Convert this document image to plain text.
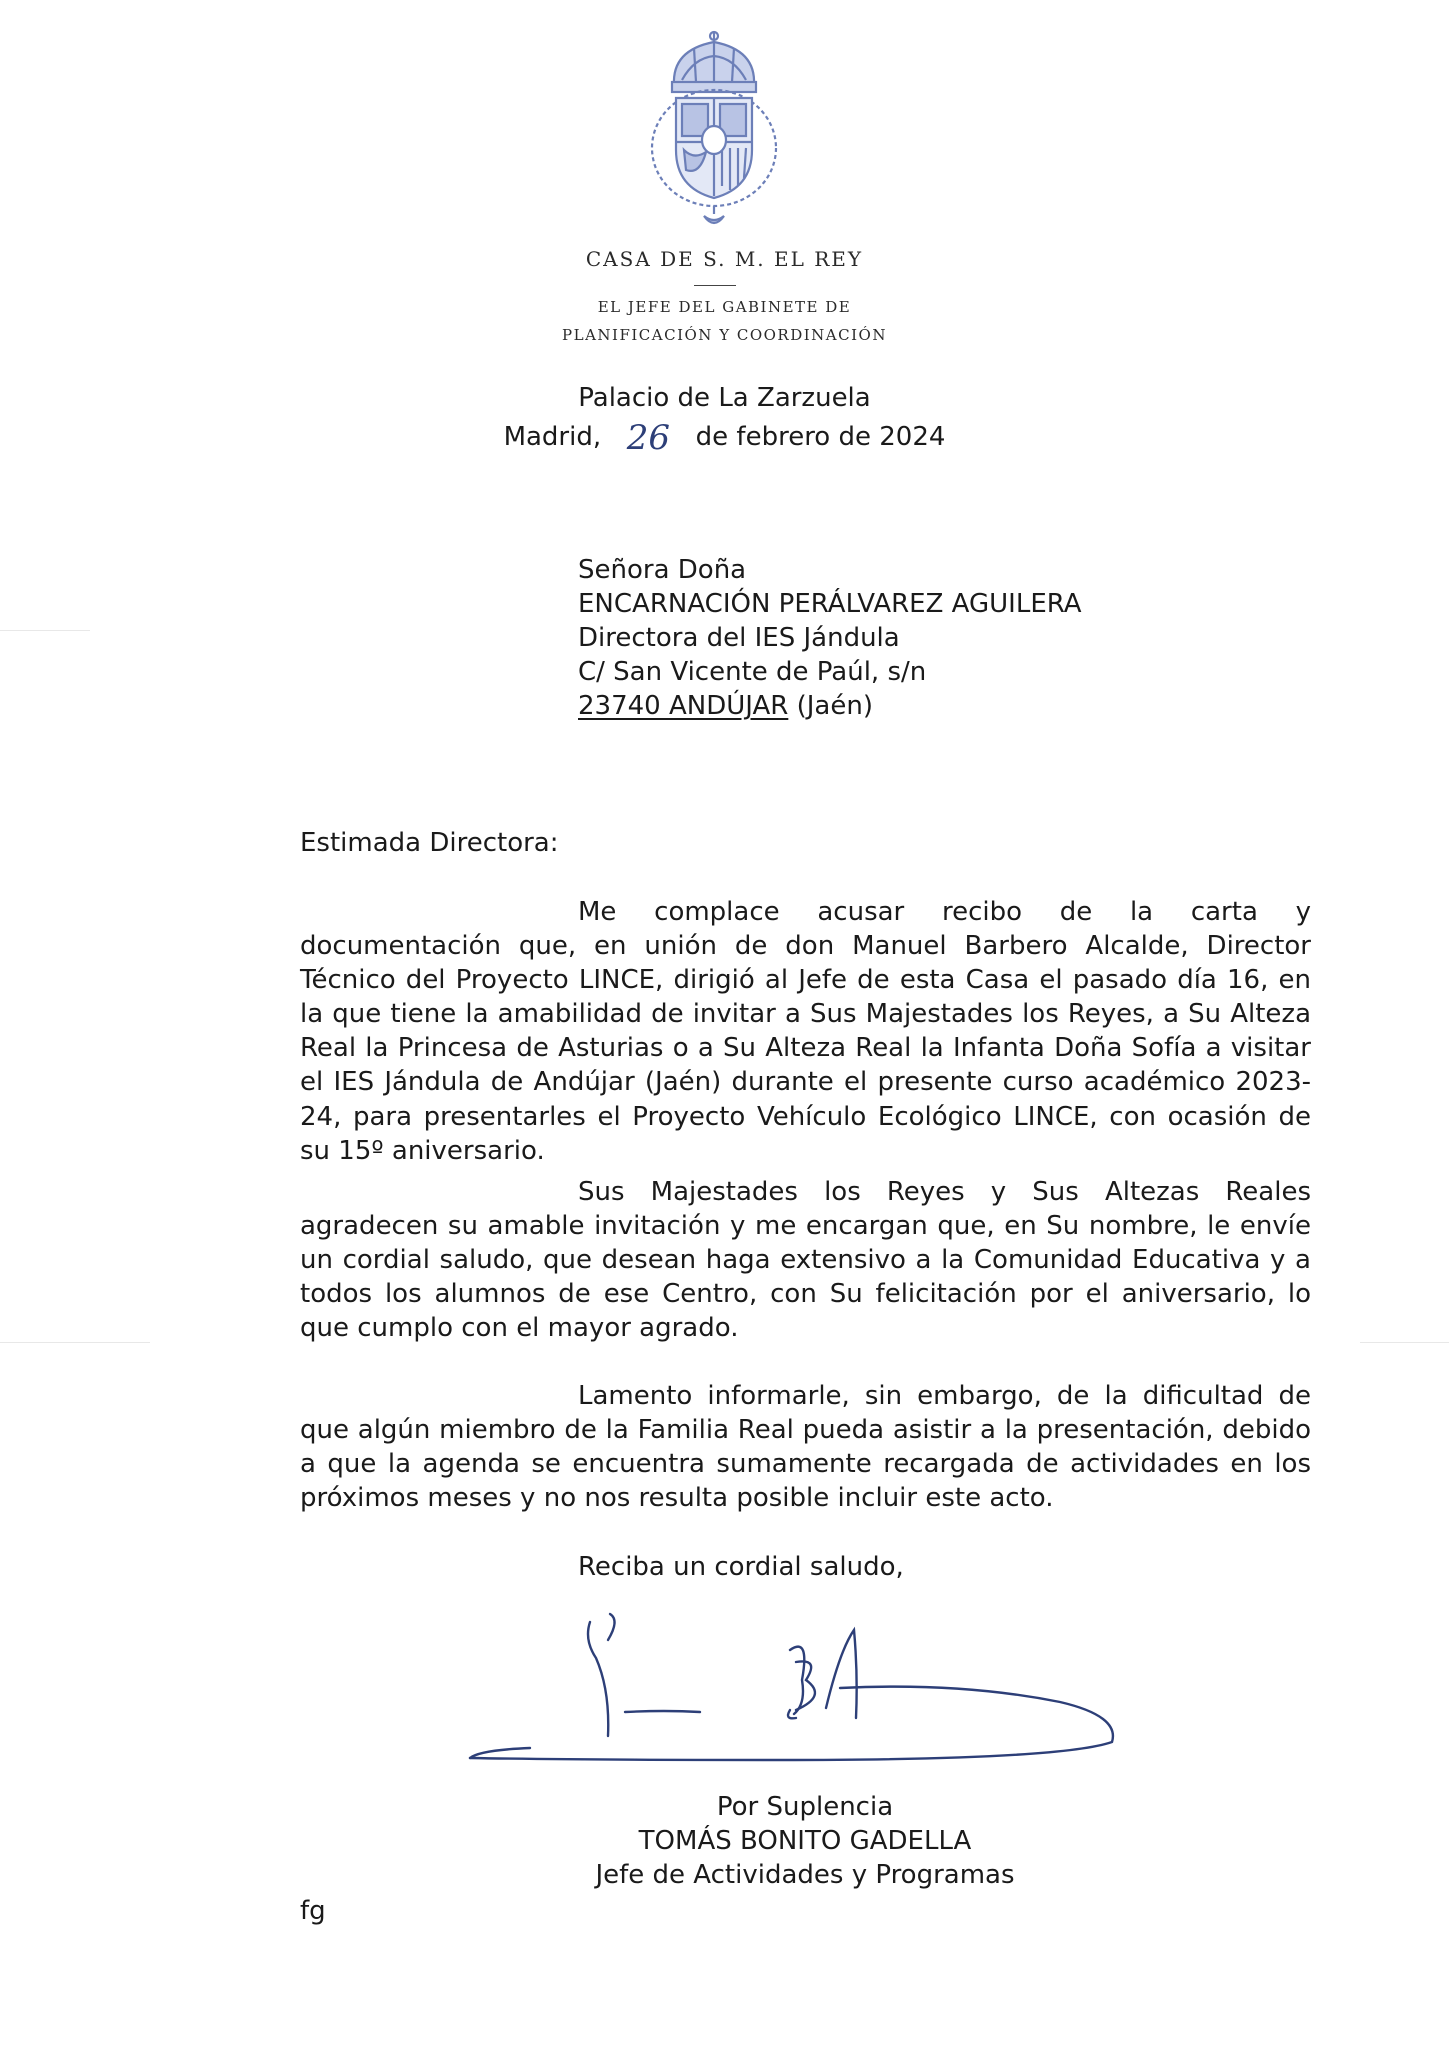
CASA DE S. M. EL REY
EL JEFE DEL GABINETE DE
PLANIFICACIÓN Y COORDINACIÓN
Palacio de La Zarzuela
Madrid, 26 de febrero de 2024
Señora Doña
ENCARNACIÓN PERÁLVAREZ AGUILERA
Directora del IES Jándula
C/ San Vicente de Paúl, s/n
23740 ANDÚJAR (Jaén)
Estimada Directora:

Me complace acusar recibo de la carta y documentación que, en unión de don Manuel Barbero Alcalde, Director Técnico del Proyecto LINCE, dirigió al Jefe de esta Casa el pasado día 16, en la que tiene la amabilidad de invitar a Sus Majestades los Reyes, a Su Alteza Real la Princesa de Asturias o a Su Alteza Real la Infanta Doña Sofía a visitar el IES Jándula de Andújar (Jaén) durante el presente curso académico 2023-24, para presentarles el Proyecto Vehículo Ecológico LINCE, con ocasión de su 15º aniversario.

Sus Majestades los Reyes y Sus Altezas Reales agradecen su amable invitación y me encargan que, en Su nombre, le envíe un cordial saludo, que desean haga extensivo a la Comunidad Educativa y a todos los alumnos de ese Centro, con Su felicitación por el aniversario, lo que cumplo con el mayor agrado.

Lamento informarle, sin embargo, de la dificultad de que algún miembro de la Familia Real pueda asistir a la presentación, debido a que la agenda se encuentra sumamente recargada de actividades en los próximos meses y no nos resulta posible incluir este acto.

Reciba un cordial saludo,
Por Suplencia
TOMÁS BONITO GADELLA
Jefe de Actividades y Programas
fg
